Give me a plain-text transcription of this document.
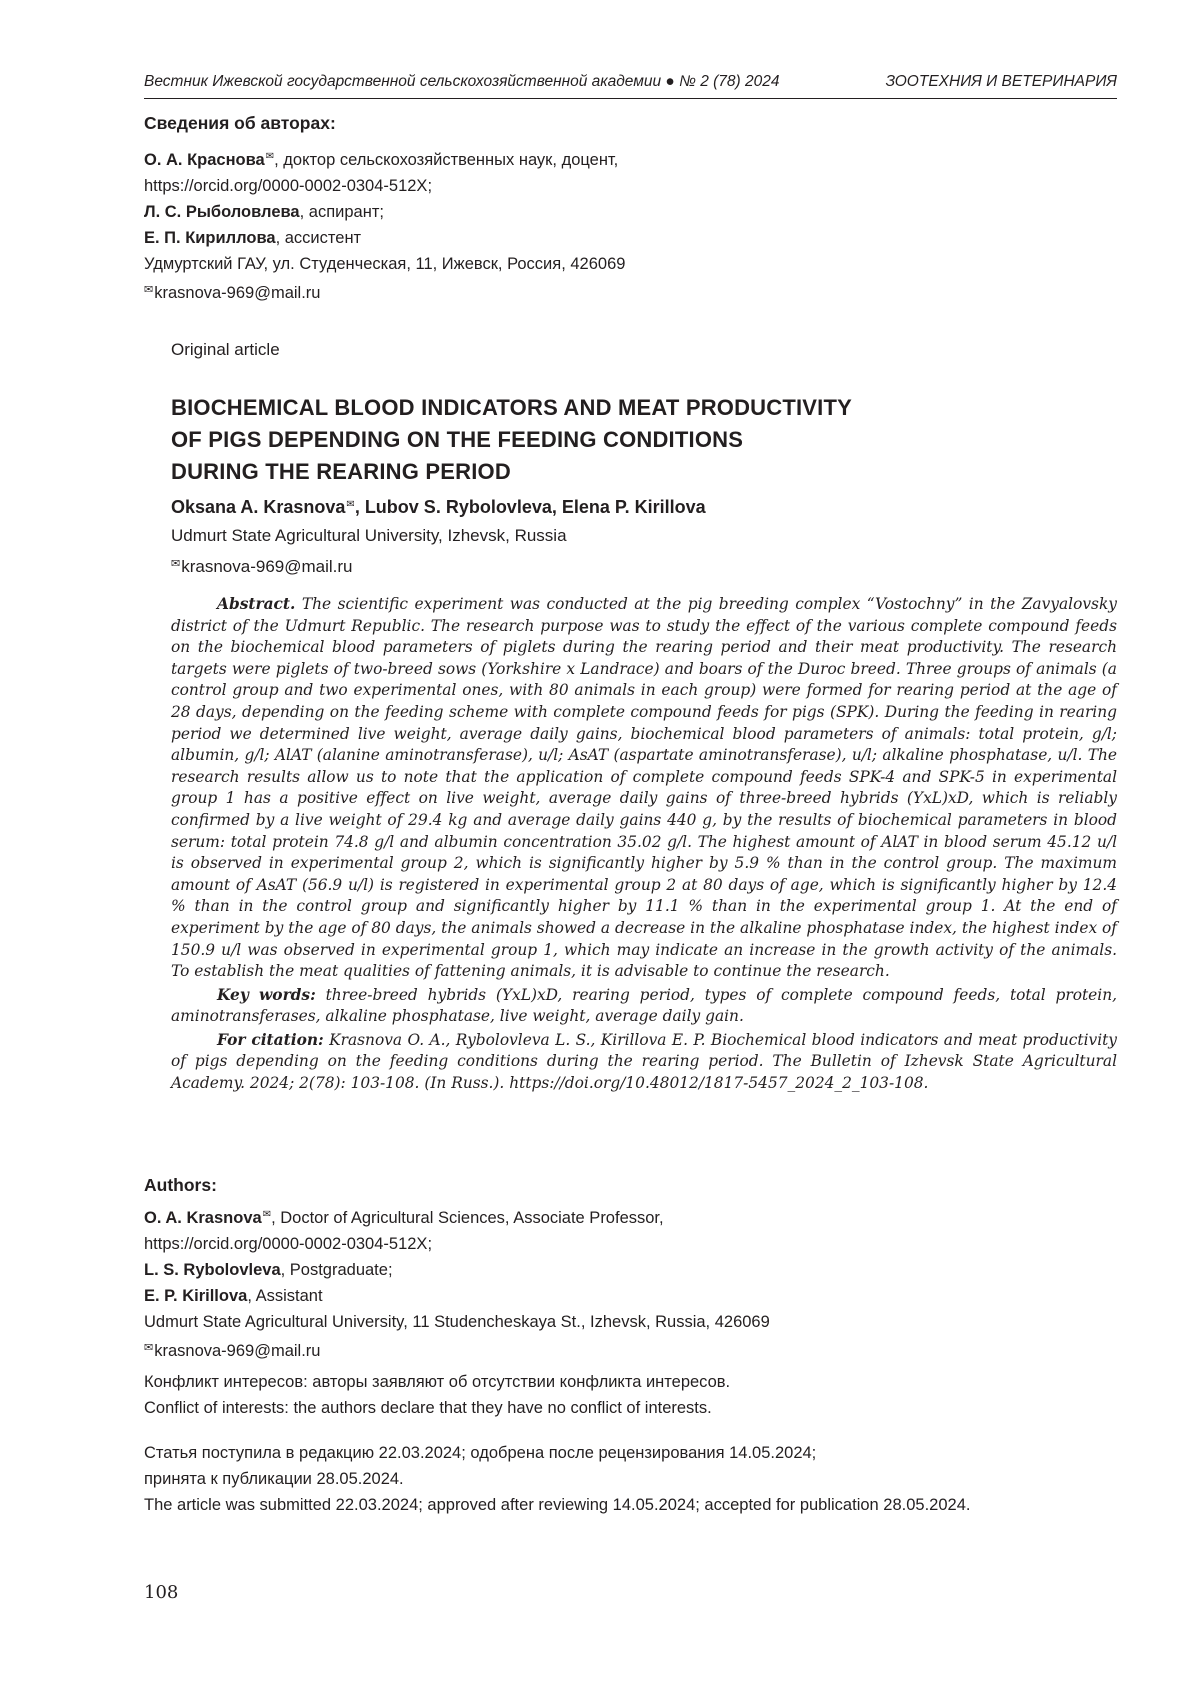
Вестник Ижевской государственной сельскохозяйственной академии ● № 2 (78) 2024	ЗООТЕХНИЯ И ВЕТЕРИНАРИЯ
Сведения об авторах:
О. А. Краснова✉, доктор сельскохозяйственных наук, доцент,
https://orcid.org/0000-0002-0304-512X;
Л. С. Рыболовлева, аспирант;
Е. П. Кириллова, ассистент
Удмуртский ГАУ, ул. Студенческая, 11, Ижевск, Россия, 426069
✉krasnova-969@mail.ru
Original article
BIOCHEMICAL BLOOD INDICATORS AND MEAT PRODUCTIVITY
OF PIGS DEPENDING ON THE FEEDING CONDITIONS
DURING THE REARING PERIOD
Oksana A. Krasnova✉, Lubov S. Rybolovleva, Elena P. Kirillova
Udmurt State Agricultural University, Izhevsk, Russia
✉krasnova-969@mail.ru

Abstract. The scientific experiment was conducted at the pig breeding complex “Vostochny” in the Zavyalovsky district of the Udmurt Republic. The research purpose was to study the effect of the various complete compound feeds on the biochemical blood parameters of piglets during the rearing period and their meat productivity. The research targets were piglets of two-breed sows (Yorkshire x Landrace) and boars of the Duroc breed. Three groups of animals (a control group and two experimental ones, with 80 animals in each group) were formed for rearing period at the age of 28 days, depending on the feeding scheme with complete compound feeds for pigs (SPK). During the feeding in rearing period we determined live weight, average daily gains, biochemical blood parameters of animals: total protein, g/l; albumin, g/l; AlAT (alanine aminotransferase), u/l; AsAT (aspartate aminotransferase), u/l; alkaline phosphatase, u/l. The research results allow us to note that the application of complete compound feeds SPK-4 and SPK-5 in experimental group 1 has a positive effect on live weight, average daily gains of three-breed hybrids (YxL)xD, which is reliably confirmed by a live weight of 29.4 kg and average daily gains 440 g, by the results of biochemical parameters in blood serum: total protein 74.8 g/l and albumin concentration 35.02 g/l. The highest amount of AlAT in blood serum 45.12 u/l is observed in experimental group 2, which is significantly higher by 5.9 % than in the control group. The maximum amount of AsAT (56.9 u/l) is registered in experimental group 2 at 80 days of age, which is significantly higher by 12.4 % than in the control group and significantly higher by 11.1 % than in the experimental group 1. At the end of experiment by the age of 80 days, the animals showed a decrease in the alkaline phosphatase index, the highest index of 150.9 u/l was observed in experimental group 1, which may indicate an increase in the growth activity of the animals. To establish the meat qualities of fattening animals, it is advisable to continue the research.

Key words: three-breed hybrids (YxL)xD, rearing period, types of complete compound feeds, total protein, aminotransferases, alkaline phosphatase, live weight, average daily gain.

For citation: Krasnova O. A., Rybolovleva L. S., Kirillova E. P. Biochemical blood indicators and meat productivity of pigs depending on the feeding conditions during the rearing period. The Bulletin of Izhevsk State Agricultural Academy. 2024; 2(78): 103-108. (In Russ.). https://doi.org/10.48012/1817-5457_2024_2_103-108.

Authors:
O. A. Krasnova✉, Doctor of Agricultural Sciences, Associate Professor,
https://orcid.org/0000-0002-0304-512X;
L. S. Rybolovleva, Postgraduate;
E. P. Kirillova, Assistant
Udmurt State Agricultural University, 11 Studencheskaya St., Izhevsk, Russia, 426069
✉krasnova-969@mail.ru
Конфликт интересов: авторы заявляют об отсутствии конфликта интересов.
Conflict of interests: the authors declare that they have no conflict of interests.
Статья поступила в редакцию 22.03.2024; одобрена после рецензирования 14.05.2024;
принята к публикации 28.05.2024.
The article was submitted 22.03.2024; approved after reviewing 14.05.2024; accepted for publication 28.05.2024.
108
